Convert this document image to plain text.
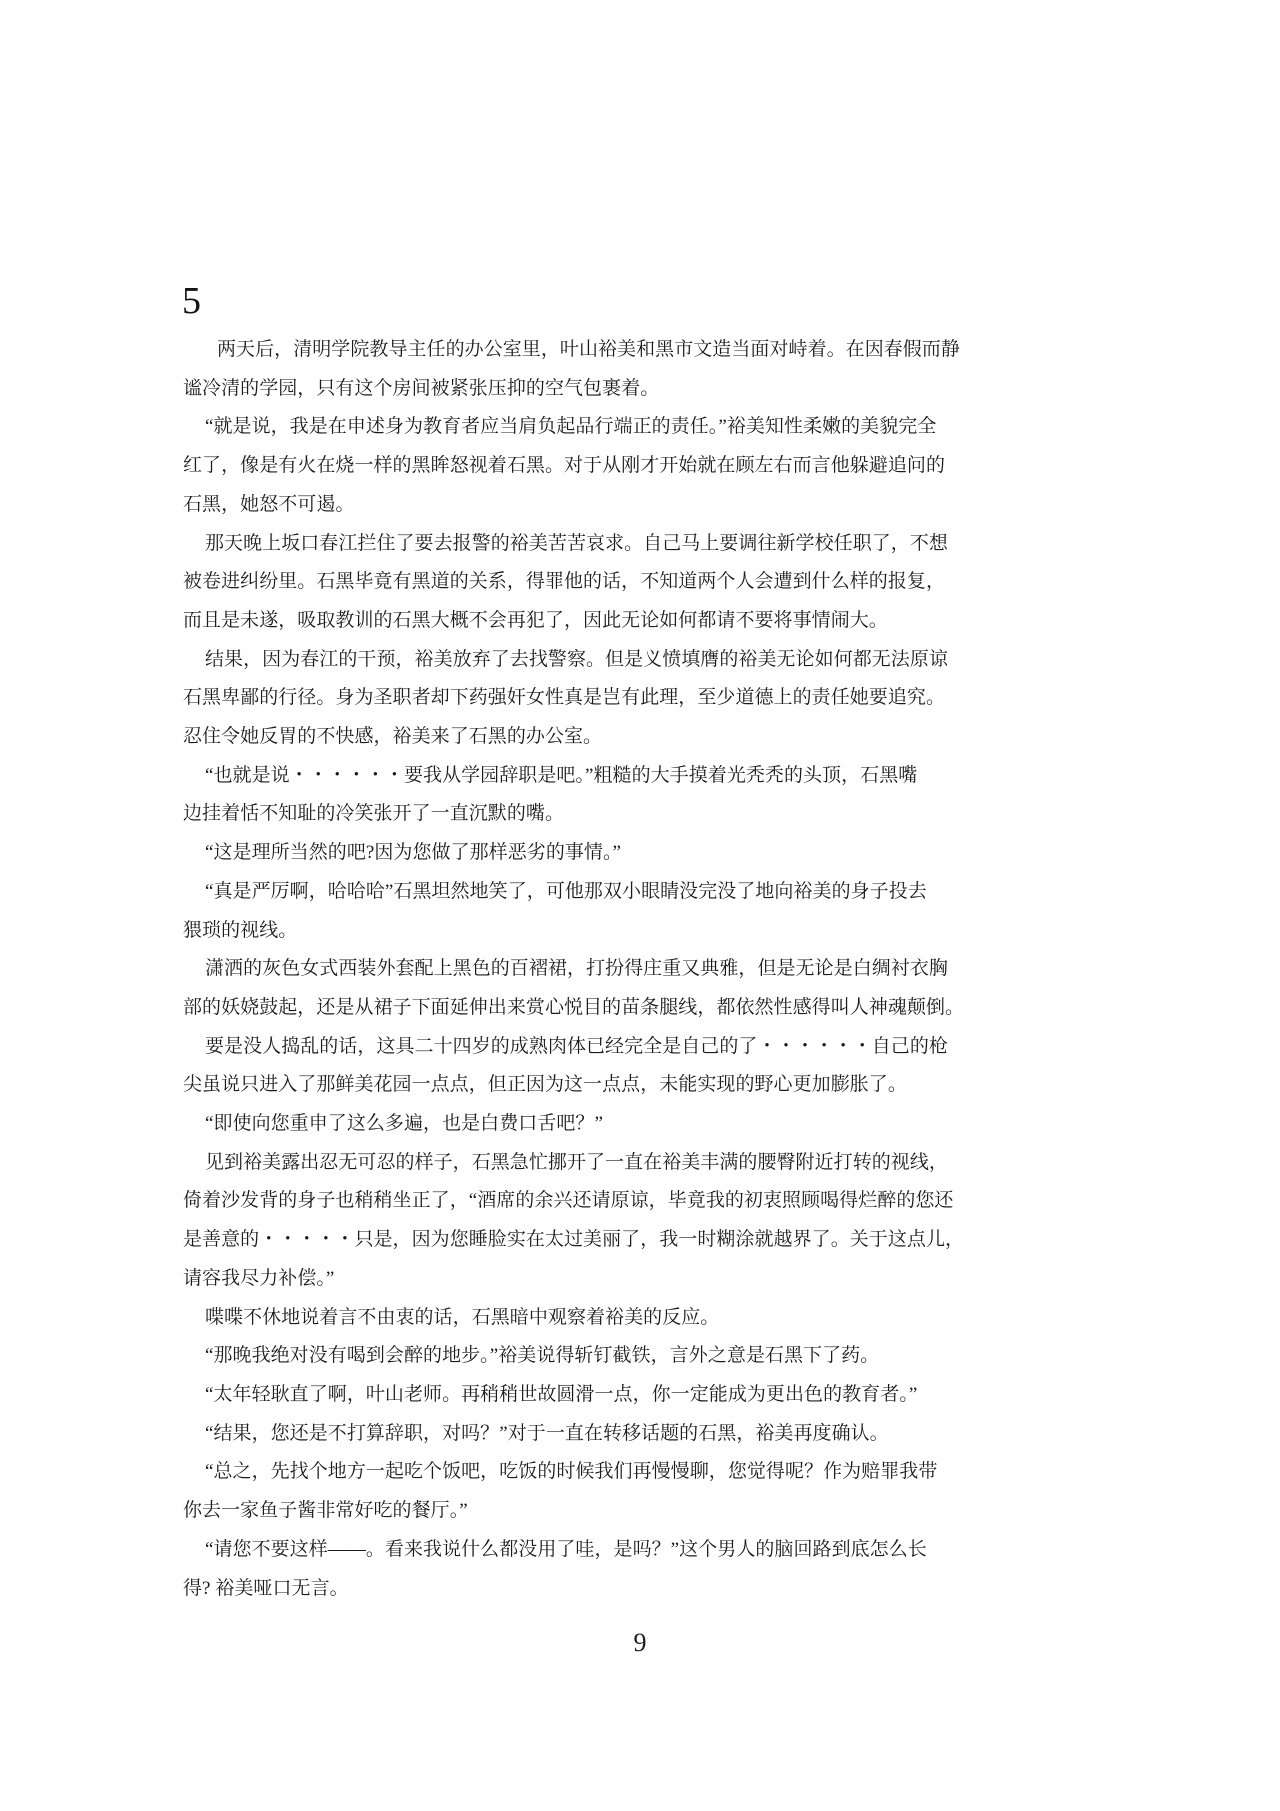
5
两天后，清明学院教导主任的办公室里，叶山裕美和黑市文造当面对峙着。在因春假而静
谧冷清的学园，只有这个房间被紧张压抑的空气包裹着。
“就是说，我是在申述身为教育者应当肩负起品行端正的责任。”裕美知性柔嫩的美貌完全
红了，像是有火在烧一样的黑眸怒视着石黑。对于从刚才开始就在顾左右而言他躲避追问的
石黑，她怒不可遏。
那天晚上坂口春江拦住了要去报警的裕美苦苦哀求。自己马上要调往新学校任职了，不想
被卷进纠纷里。石黑毕竟有黑道的关系，得罪他的话，不知道两个人会遭到什么样的报复，
而且是未遂，吸取教训的石黑大概不会再犯了，因此无论如何都请不要将事情闹大。
结果，因为春江的干预，裕美放弃了去找警察。但是义愤填膺的裕美无论如何都无法原谅
石黑卑鄙的行径。身为圣职者却下药强奸女性真是岂有此理，至少道德上的责任她要追究。
忍住令她反胃的不快感，裕美来了石黑的办公室。
“也就是说・・・・・・要我从学园辞职是吧。”粗糙的大手摸着光秃秃的头顶，石黑嘴
边挂着恬不知耻的冷笑张开了一直沉默的嘴。
“这是理所当然的吧?因为您做了那样恶劣的事情。”
“真是严厉啊，哈哈哈”石黑坦然地笑了，可他那双小眼睛没完没了地向裕美的身子投去
猥琐的视线。
潇洒的灰色女式西装外套配上黑色的百褶裙，打扮得庄重又典雅，但是无论是白绸衬衣胸
部的妖娆鼓起，还是从裙子下面延伸出来赏心悦目的苗条腿线，都依然性感得叫人神魂颠倒。
要是没人捣乱的话，这具二十四岁的成熟肉体已经完全是自己的了・・・・・・自己的枪
尖虽说只进入了那鲜美花园一点点，但正因为这一点点，未能实现的野心更加膨胀了。
“即使向您重申了这么多遍，也是白费口舌吧？”
见到裕美露出忍无可忍的样子，石黑急忙挪开了一直在裕美丰满的腰臀附近打转的视线，
倚着沙发背的身子也稍稍坐正了，“酒席的余兴还请原谅，毕竟我的初衷照顾喝得烂醉的您还
是善意的・・・・・只是，因为您睡脸实在太过美丽了，我一时糊涂就越界了。关于这点儿，
请容我尽力补偿。”
喋喋不休地说着言不由衷的话，石黑暗中观察着裕美的反应。
“那晚我绝对没有喝到会醉的地步。”裕美说得斩钉截铁，言外之意是石黑下了药。
“太年轻耿直了啊，叶山老师。再稍稍世故圆滑一点，你一定能成为更出色的教育者。”
“结果，您还是不打算辞职，对吗？”对于一直在转移话题的石黑，裕美再度确认。
“总之，先找个地方一起吃个饭吧，吃饭的时候我们再慢慢聊，您觉得呢？作为赔罪我带
你去一家鱼子酱非常好吃的餐厅。”
“请您不要这样——。看来我说什么都没用了哇，是吗？”这个男人的脑回路到底怎么长
得? 裕美哑口无言。
9
